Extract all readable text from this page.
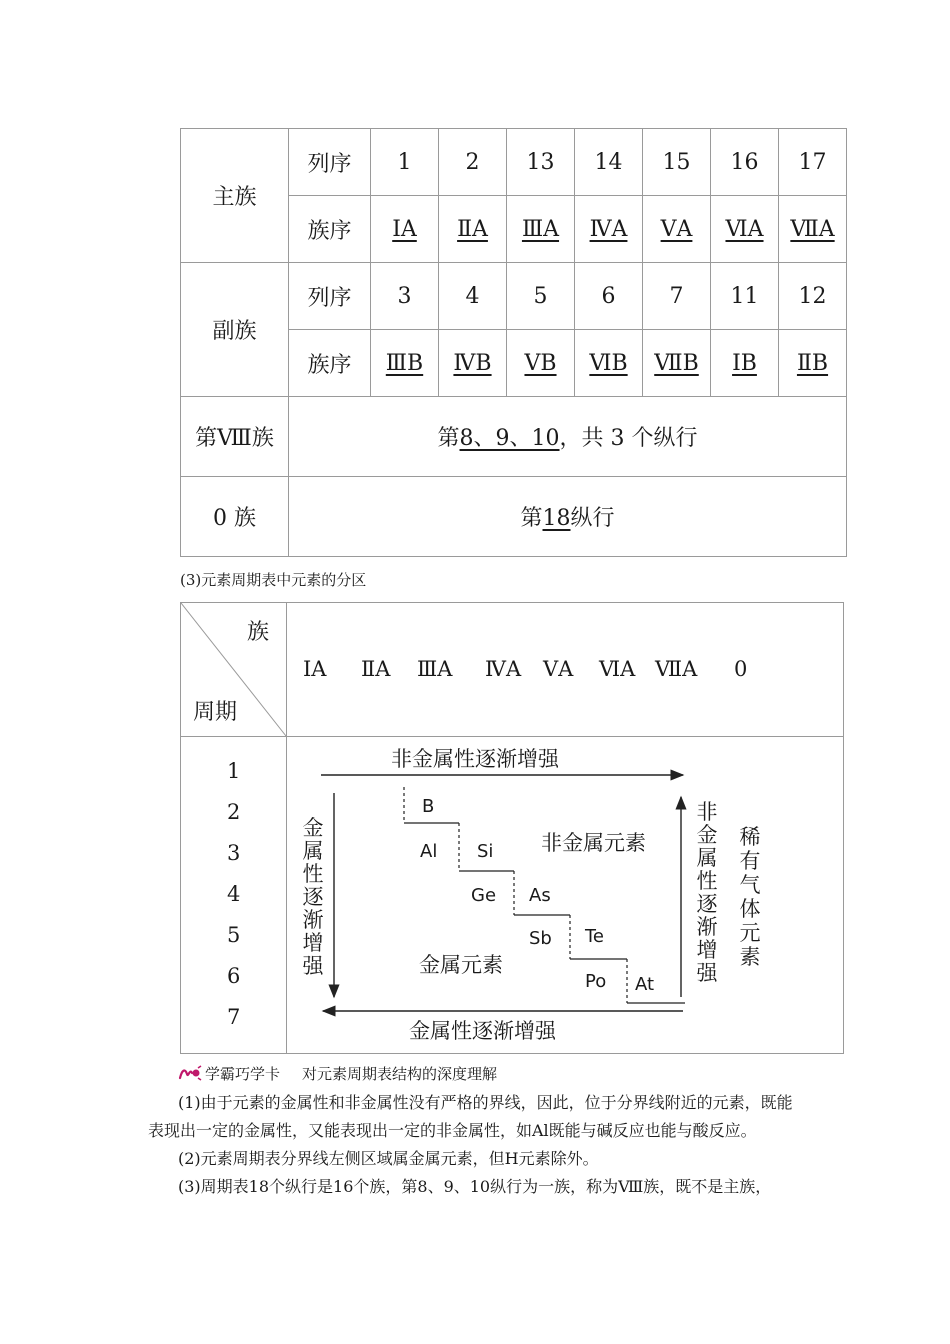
主族	列序	1	2	13	14	15	16	17
	族序	ⅠA	ⅡA	ⅢA	ⅣA	ⅤA	ⅥA	ⅦA
副族	列序	3	4	5	6	7	11	12
	族序	ⅢB	ⅣB	ⅤB	ⅥB	ⅦB	ⅠB	ⅡB
第Ⅷ族	第8、9、10，共 3 个纵行							
0 族	第18纵行							
(3)元素周期表中元素的分区
族
周期
ⅠA ⅡA ⅢA ⅣA ⅤA ⅥA ⅦA 0
1
2
3
4
5
6
7
非金属性逐渐增强
金属性逐渐增强
金属性逐渐增强
非金属性逐渐增强
稀有气体元素
非金属元素
金属元素
B
Al Si
Ge As
Sb Te
Po At
学霸巧学卡 对元素周期表结构的深度理解
(1)由于元素的金属性和非金属性没有严格的界线，因此，位于分界线附近的元素，既能表现出一定的金属性，又能表现出一定的非金属性，如Al既能与碱反应也能与酸反应。
(2)元素周期表分界线左侧区域属金属元素，但H元素除外。
(3)周期表18个纵行是16个族，第8、9、10纵行为一族，称为Ⅷ族，既不是主族，
